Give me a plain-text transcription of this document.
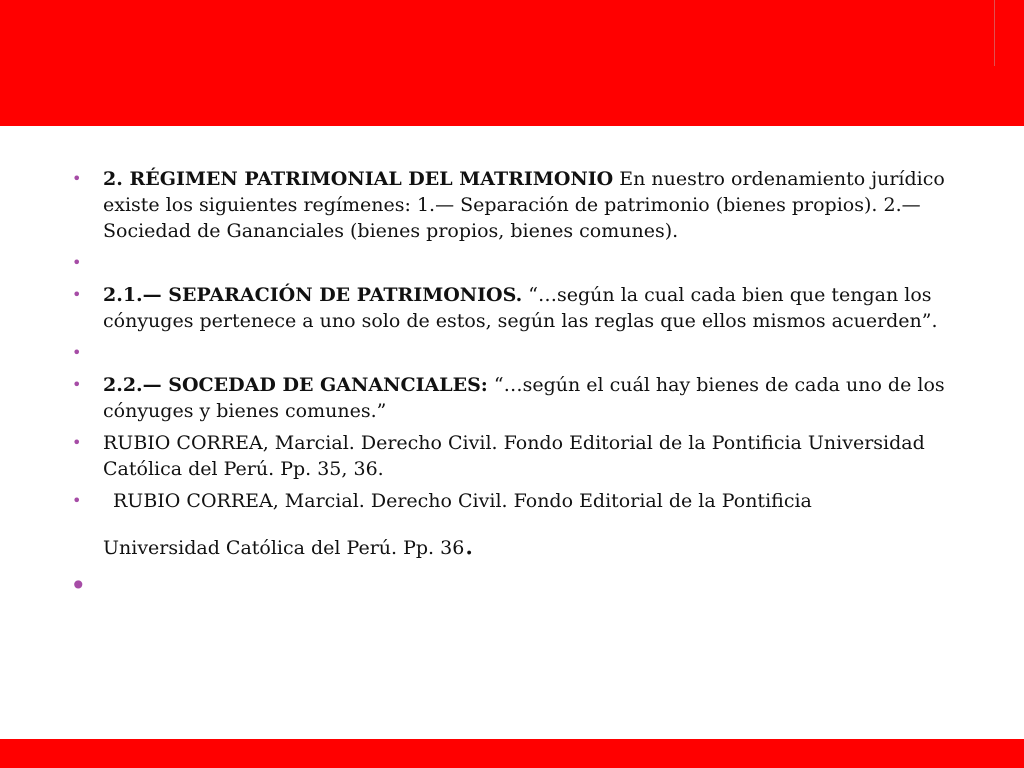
• 2. RÉGIMEN PATRIMONIAL DEL MATRIMONIO En nuestro ordenamiento jurídico existe los siguientes regímenes: 1.— Separación de patrimonio (bienes propios). 2.— Sociedad de Gananciales (bienes propios, bienes comunes).
•
• 2.1.— SEPARACIÓN DE PATRIMONIOS. “…según la cual cada bien que tengan los cónyuges pertenece a uno solo de estos, según las reglas que ellos mismos acuerden”.
•
• 2.2.— SOCEDAD DE GANANCIALES: “…según el cuál hay bienes de cada uno de los cónyuges y bienes comunes.”
• RUBIO CORREA, Marcial. Derecho Civil. Fondo Editorial de la Pontificia Universidad Católica del Perú. Pp. 35, 36.
•	RUBIO CORREA, Marcial. Derecho Civil. Fondo Editorial de la Pontificia
Universidad Católica del Perú. Pp. 36.
•
